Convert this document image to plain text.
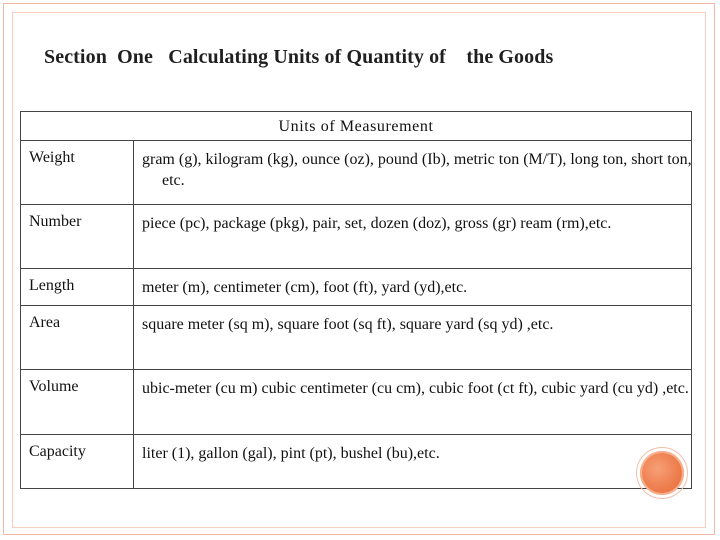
Section  One   Calculating Units of Quantity of    the Goods
Units of Measurement
Weight	gram (g), kilogram (kg), ounce (oz), pound (Ib), metric ton (M/T), long ton, short ton, etc.
Number	piece (pc), package (pkg), pair, set, dozen (doz), gross (gr) ream (rm),etc.
Length	meter (m), centimeter (cm), foot (ft), yard (yd),etc.
Area	square meter (sq m), square foot (sq ft), square yard (sq yd) ,etc.
Volume	ubic-meter (cu m) cubic centimeter (cu cm), cubic foot (ct ft), cubic yard (cu yd) ,etc.
Capacity	liter (1), gallon (gal), pint (pt), bushel (bu),etc.
